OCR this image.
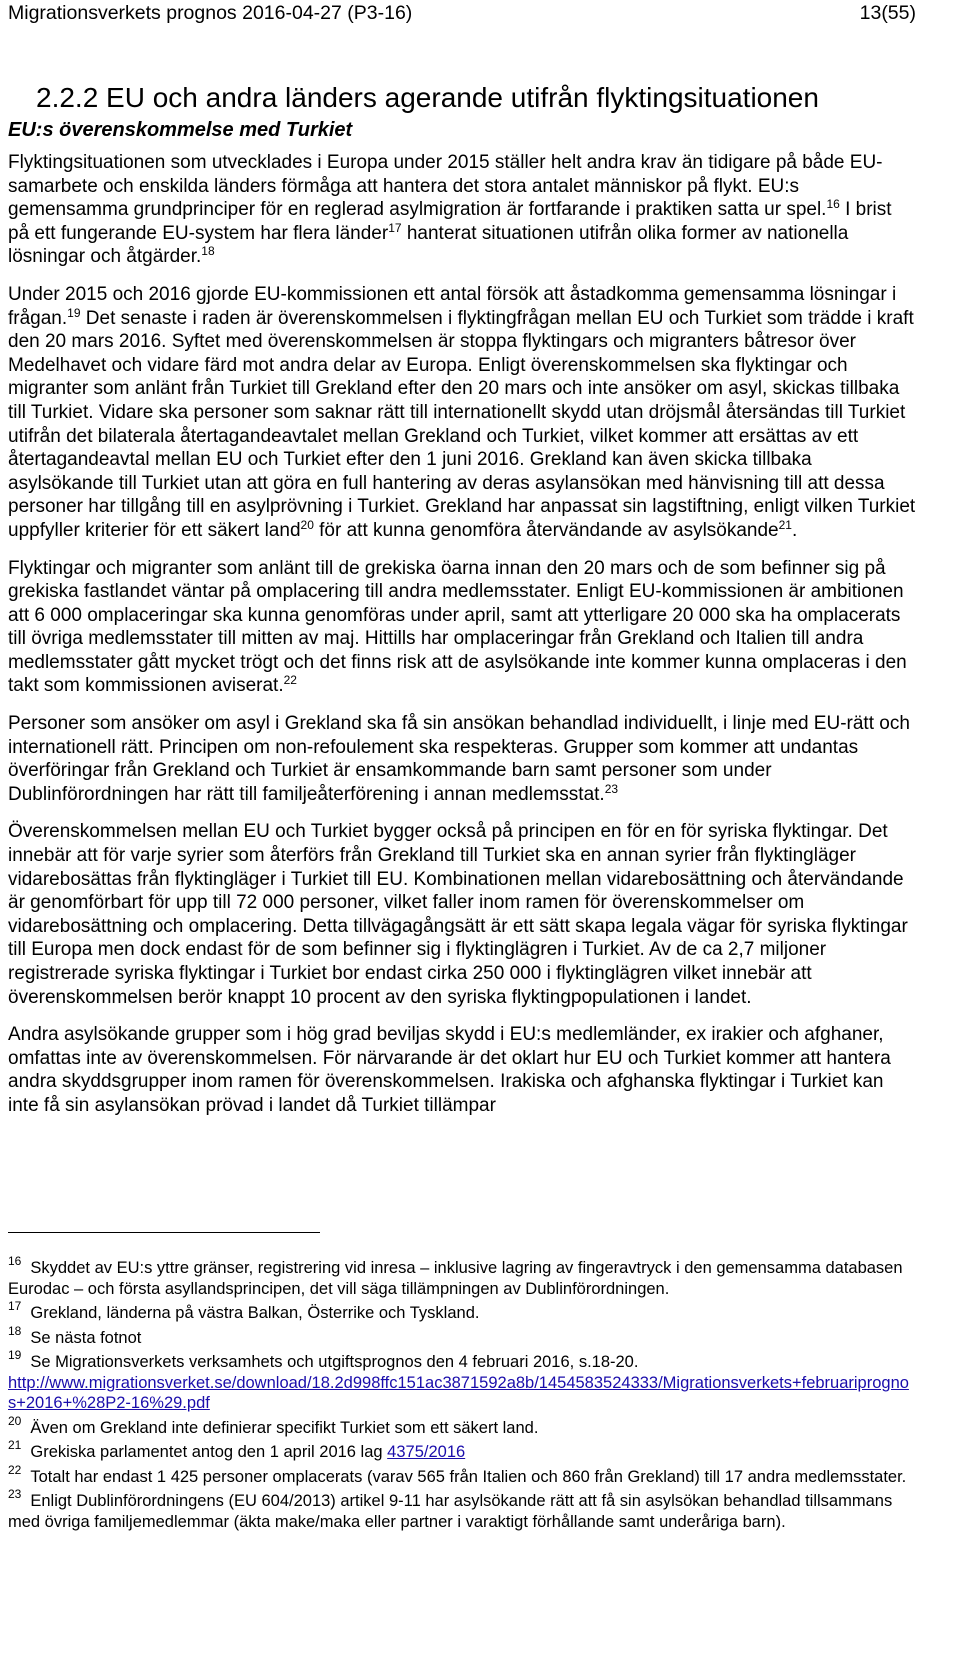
Migrationsverkets prognos 2016-04-27 (P3-16)	13(55)
2.2.2 EU och andra länders agerande utifrån flyktingsituationen
EU:s överenskommelse med Turkiet

Flyktingsituationen som utvecklades i Europa under 2015 ställer helt andra krav än tidigare på både EU-samarbete och enskilda länders förmåga att hantera det stora antalet människor på flykt. EU:s gemensamma grundprinciper för en reglerad asylmigration är fortfarande i praktiken satta ur spel.$^{16}$ I brist på ett fungerande EU-system har flera länder$^{17}$ hanterat situationen utifrån olika former av nationella lösningar och åtgärder.$^{18}$

Under 2015 och 2016 gjorde EU-kommissionen ett antal försök att åstadkomma gemensamma lösningar i frågan.$^{19}$ Det senaste i raden är överenskommelsen i flyktingfrågan mellan EU och Turkiet som trädde i kraft den 20 mars 2016. Syftet med överenskommelsen är stoppa flyktingars och migranters båtresor över Medelhavet och vidare färd mot andra delar av Europa. Enligt överenskommelsen ska flyktingar och migranter som anlänt från Turkiet till Grekland efter den 20 mars och inte ansöker om asyl, skickas tillbaka till Turkiet. Vidare ska personer som saknar rätt till internationellt skydd utan dröjsmål återsändas till Turkiet utifrån det bilaterala återtagandeavtalet mellan Grekland och Turkiet, vilket kommer att ersättas av ett återtagandeavtal mellan EU och Turkiet efter den 1 juni 2016. Grekland kan även skicka tillbaka asylsökande till Turkiet utan att göra en full hantering av deras asylansökan med hänvisning till att dessa personer har tillgång till en asylprövning i Turkiet. Grekland har anpassat sin lagstiftning, enligt vilken Turkiet uppfyller kriterier för ett säkert land$^{20}$ för att kunna genomföra återvändande av asylsökande$^{21}$.

Flyktingar och migranter som anlänt till de grekiska öarna innan den 20 mars och de som befinner sig på grekiska fastlandet väntar på omplacering till andra medlemsstater. Enligt EU-kommissionen är ambitionen att 6 000 omplaceringar ska kunna genomföras under april, samt att ytterligare 20 000 ska ha omplacerats till övriga medlemsstater till mitten av maj. Hittills har omplaceringar från Grekland och Italien till andra medlemsstater gått mycket trögt och det finns risk att de asylsökande inte kommer kunna omplaceras i den takt som kommissionen aviserat.$^{22}$

Personer som ansöker om asyl i Grekland ska få sin ansökan behandlad individuellt, i linje med EU-rätt och internationell rätt. Principen om non-refoulement ska respekteras. Grupper som kommer att undantas överföringar från Grekland och Turkiet är ensamkommande barn samt personer som under Dublinförordningen har rätt till familjeåterförening i annan medlemsstat.$^{23}$

Överenskommelsen mellan EU och Turkiet bygger också på principen en för en för syriska flyktingar. Det innebär att för varje syrier som återförs från Grekland till Turkiet ska en annan syrier från flyktingläger vidarebosättas från flyktingläger i Turkiet till EU. Kombinationen mellan vidarebosättning och återvändande är genomförbart för upp till 72 000 personer, vilket faller inom ramen för överenskommelser om vidarebosättning och omplacering. Detta tillvägagångsätt är ett sätt skapa legala vägar för syriska flyktingar till Europa men dock endast för de som befinner sig i flyktinglägren i Turkiet. Av de ca 2,7 miljoner registrerade syriska flyktingar i Turkiet bor endast cirka 250 000 i flyktinglägren vilket innebär att överenskommelsen berör knappt 10 procent av den syriska flyktingpopulationen i landet.

Andra asylsökande grupper som i hög grad beviljas skydd i EU:s medlemländer, ex irakier och afghaner, omfattas inte av överenskommelsen. För närvarande är det oklart hur EU och Turkiet kommer att hantera andra skyddsgrupper inom ramen för överenskommelsen. Irakiska och afghanska flyktingar i Turkiet kan inte få sin asylansökan prövad i landet då Turkiet tillämpar

$^{16}$ Skyddet av EU:s yttre gränser, registrering vid inresa – inklusive lagring av fingeravtryck i den gemensamma databasen Eurodac – och första asyllandsprincipen, det vill säga tillämpningen av Dublinförordningen.
$^{17}$ Grekland, länderna på västra Balkan, Österrike och Tyskland.
$^{18}$ Se nästa fotnot
$^{19}$ Se Migrationsverkets verksamhets och utgiftsprognos den 4 februari 2016, s.18-20.
http://www.migrationsverket.se/download/18.2d998ffc151ac3871592a8b/1454583524333/Migrationsverkets+februariprognos+2016+%28P2-16%29.pdf
$^{20}$ Även om Grekland inte definierar specifikt Turkiet som ett säkert land.
$^{21}$ Grekiska parlamentet antog den 1 april 2016 lag 4375/2016
$^{22}$ Totalt har endast 1 425 personer omplacerats (varav 565 från Italien och 860 från Grekland) till 17 andra medlemsstater.
$^{23}$ Enligt Dublinförordningens (EU 604/2013) artikel 9-11 har asylsökande rätt att få sin asylsökan behandlad tillsammans med övriga familjemedlemmar (äkta make/maka eller partner i varaktigt förhållande samt underåriga barn).
